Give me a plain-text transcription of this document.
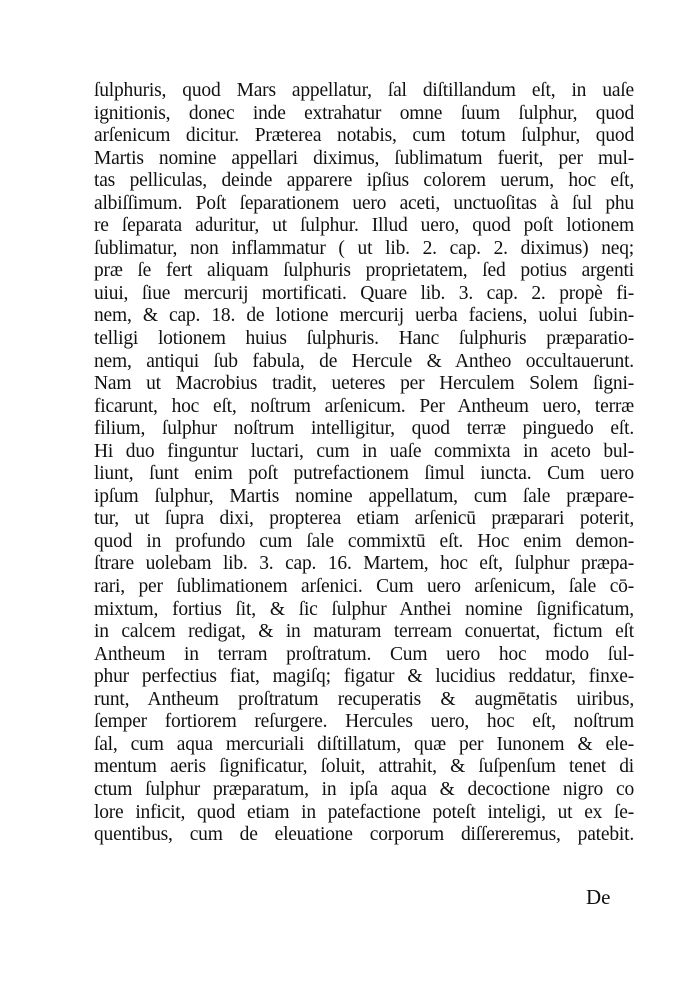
ſulphuris, quod Mars appellatur, ſal diſtillandum eſt, in uaſe
ignitionis, donec inde extrahatur omne ſuum ſulphur, quod
arſenicum dicitur. Præterea notabis, cum totum ſulphur, quod
Martis nomine appellari diximus, ſublimatum fuerit, per mul-
tas pelliculas, deinde apparere ipſius colorem uerum, hoc eſt,
albiſſimum. Poſt ſeparationem uero aceti, unctuoſitas à ſul phu
re ſeparata aduritur, ut ſulphur. Illud uero, quod poſt lotionem
ſublimatur, non inflammatur ( ut lib. 2. cap. 2. diximus) neq;
præ ſe fert aliquam ſulphuris proprietatem, ſed potius argenti
uiui, ſiue mercurij mortificati. Quare lib. 3. cap. 2. propè fi-
nem, & cap. 18. de lotione mercurij uerba faciens, uolui ſubin-
telligi lotionem huius ſulphuris. Hanc ſulphuris præparatio-
nem, antiqui ſub fabula, de Hercule & Antheo occultauerunt.
Nam ut Macrobius tradit, ueteres per Herculem Solem ſigni-
ficarunt, hoc eſt, noſtrum arſenicum. Per Antheum uero, terræ
filium, ſulphur noſtrum intelligitur, quod terræ pinguedo eſt.
Hi duo finguntur luctari, cum in uaſe commixta in aceto bul-
liunt, ſunt enim poſt putrefactionem ſimul iuncta. Cum uero
ipſum ſulphur, Martis nomine appellatum, cum ſale præpare-
tur, ut ſupra dixi, propterea etiam arſenicū præparari poterit,
quod in profundo cum ſale commixtū eſt. Hoc enim demon-
ſtrare uolebam lib. 3. cap. 16. Martem, hoc eſt, ſulphur præpa-
rari, per ſublimationem arſenici. Cum uero arſenicum, ſale cō-
mixtum, fortius ſit, & ſic ſulphur Anthei nomine ſignificatum,
in calcem redigat, & in maturam terream conuertat, fictum eſt
Antheum in terram proſtratum. Cum uero hoc modo ſul-
phur perfectius fiat, magiſq; figatur & lucidius reddatur, finxe-
runt, Antheum proſtratum recuperatis & augmētatis uiribus,
ſemper fortiorem reſurgere. Hercules uero, hoc eſt, noſtrum
ſal, cum aqua mercuriali diſtillatum, quæ per Iunonem & ele-
mentum aeris ſignificatur, ſoluit, attrahit, & ſuſpenſum tenet di
ctum ſulphur præparatum, in ipſa aqua & decoctione nigro co
lore inficit, quod etiam in patefactione poteſt inteligi, ut ex ſe-
quentibus, cum de eleuatione corporum diſſereremus, patebit.
De
